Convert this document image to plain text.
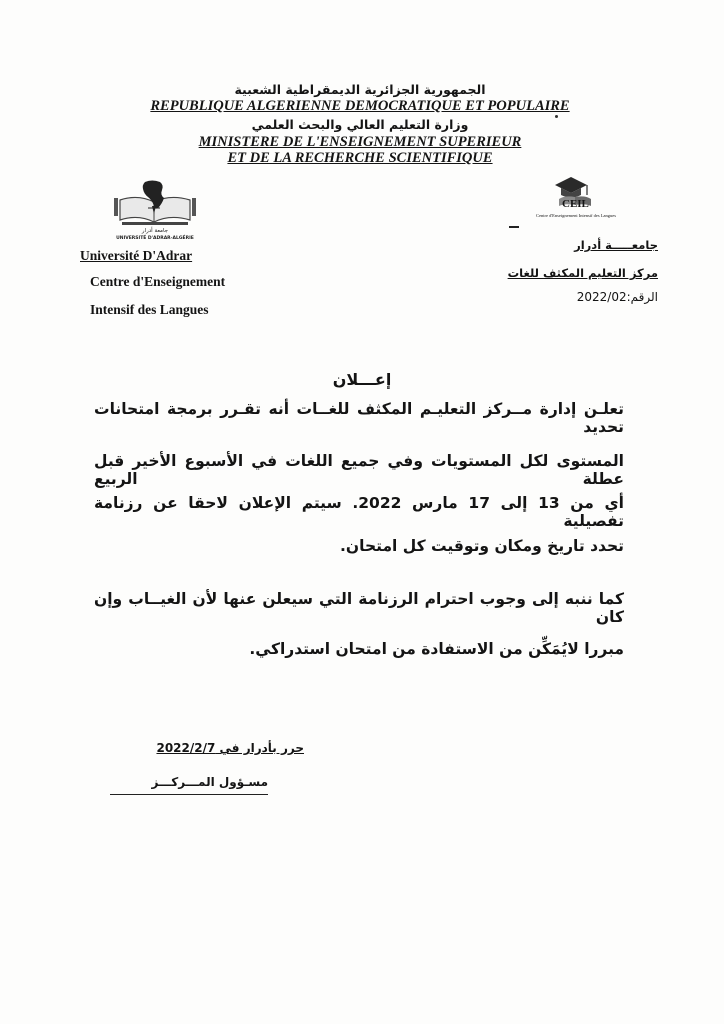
الجمهورية الجزائرية الديمقراطية الشعبية
REPUBLIQUE ALGERIENNE DEMOCRATIQUE ET POPULAIRE
وزارة التعليم العالي والبحث العلمي
MINISTERE DE L'ENSEIGNEMENT SUPERIEUR
ET DE LA RECHERCHE SCIENTIFIQUE
جامعة أدرار
UNIVERSITÉ D'ADRAR-ALGÉRIE
Université D'Adrar
Centre d'Enseignement
Intensif des Langues
CEIL
Centre d'Enseignement Intensif des Langues
جامعـــــة أدرار
مركز التعليم المكثف للغات
الرقم:2022/02
إعـــلان
تعلـن إدارة مــركز التعليـم المكثف للغــات أنه تقـرر برمجة امتحانات تحديد
المستوى لكل المستويات وفي جميع اللغات في الأسبوع الأخير قبل عطلة الربيع
أي من 13 إلى 17 مارس 2022. سيتم الإعلان لاحقا عن رزنامة تفصيلية
تحدد تاريخ ومكان وتوقيت كل امتحان.
كما ننبه إلى وجوب احترام الرزنامة التي سيعلن عنها لأن الغيــاب وإن كان
مبررا لايُمَكِّن من الاستفادة من امتحان استدراكي.
حرر بأدرار في 2022/2/7
مسـؤول المـــركـــز
